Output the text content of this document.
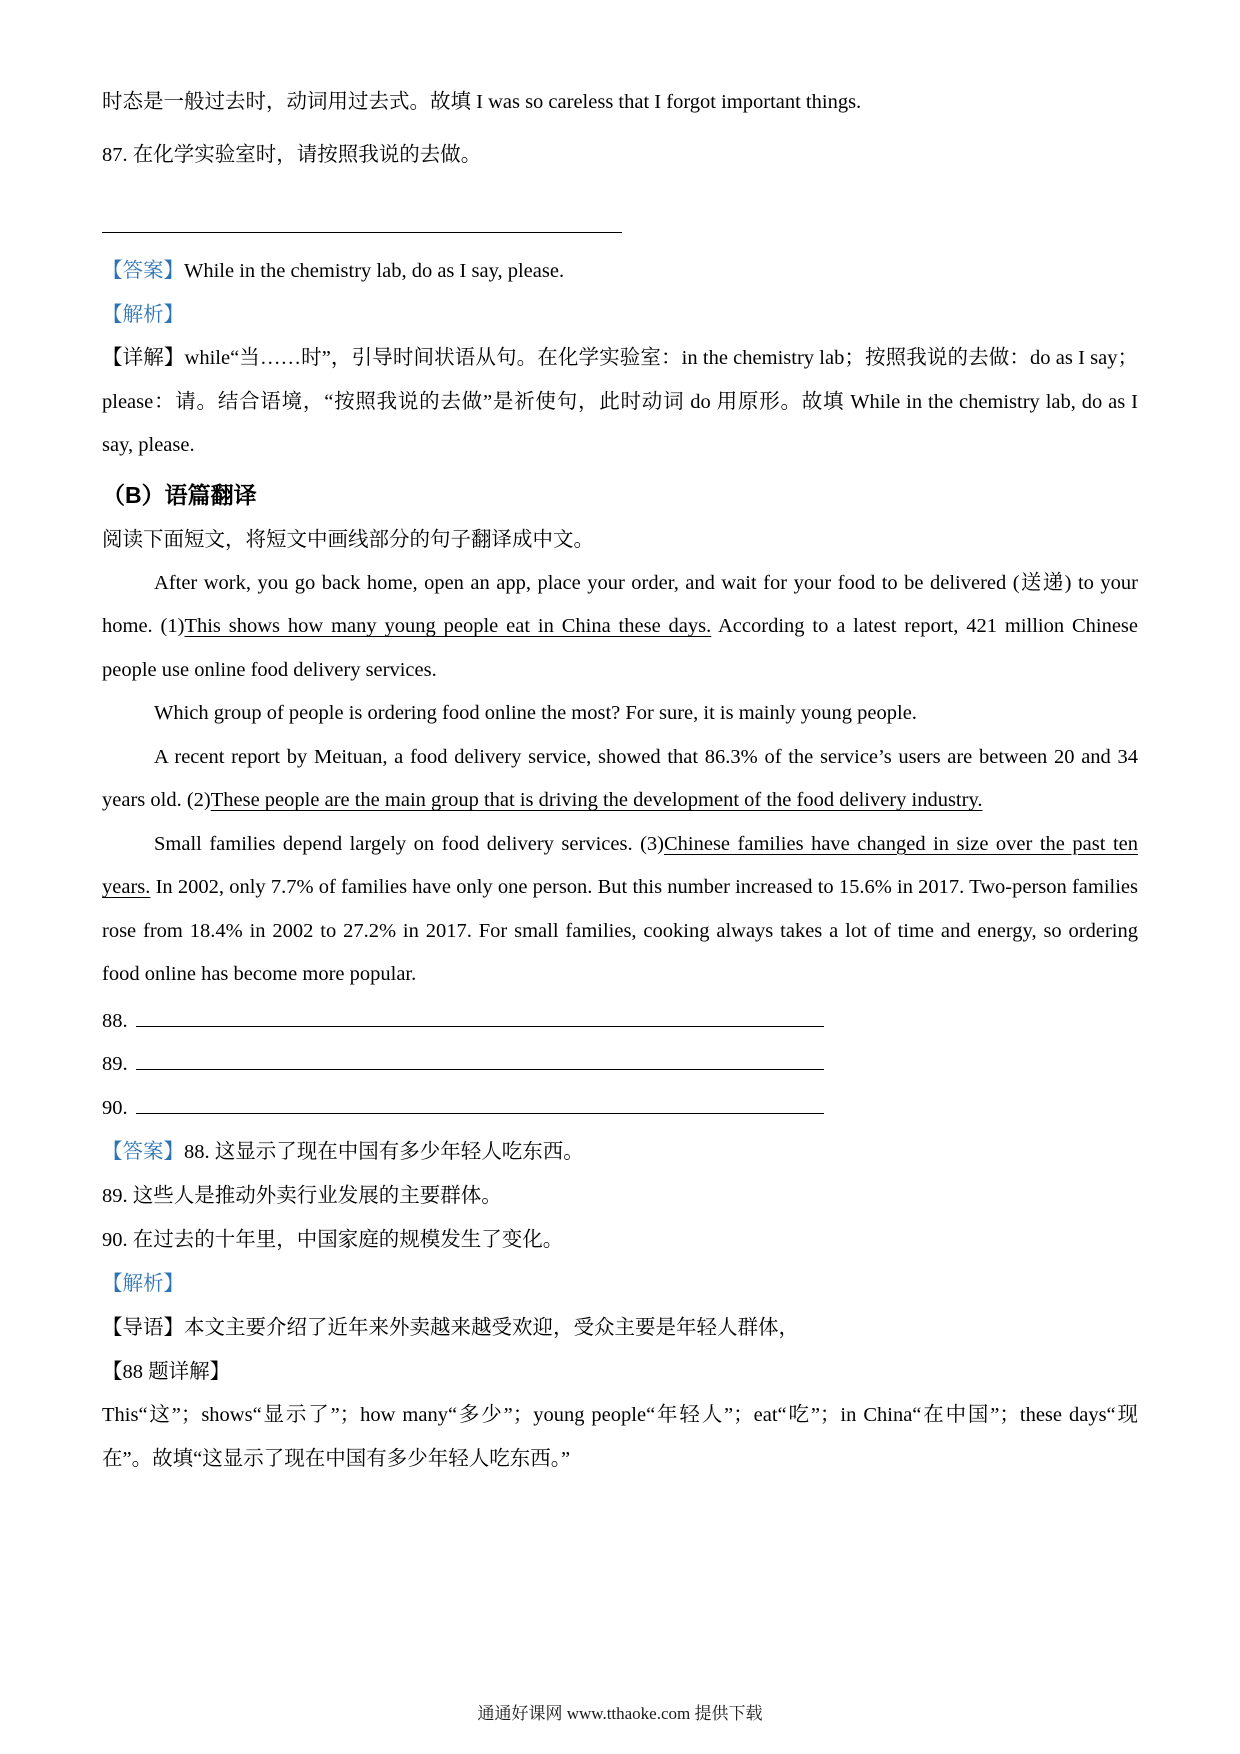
时态是一般过去时，动词用过去式。故填 I was so careless that I forgot important things.

87. 在化学实验室时，请按照我说的去做。

【答案】While in the chemistry lab, do as I say, please.

【解析】

【详解】while“当……时”，引导时间状语从句。在化学实验室：in the chemistry lab；按照我说的去做：do as I say；please：请。结合语境，“按照我说的去做”是祈使句，此时动词 do 用原形。故填 While in the chemistry lab, do as I say, please.

（B）语篇翻译

阅读下面短文，将短文中画线部分的句子翻译成中文。

After work, you go back home, open an app, place your order, and wait for your food to be delivered (送递) to your home. (1)This shows how many young people eat in China these days. According to a latest report, 421 million Chinese people use online food delivery services.

Which group of people is ordering food online the most? For sure, it is mainly young people.

A recent report by Meituan, a food delivery service, showed that 86.3% of the service’s users are between 20 and 34 years old. (2)These people are the main group that is driving the development of the food delivery industry.

Small families depend largely on food delivery services. (3)Chinese families have changed in size over the past ten years. In 2002, only 7.7% of families have only one person. But this number increased to 15.6% in 2017. Two-person families rose from 18.4% in 2002 to 27.2% in 2017. For small families, cooking always takes a lot of time and energy, so ordering food online has become more popular.

88.
89.
90.

【答案】88. 这显示了现在中国有多少年轻人吃东西。

89. 这些人是推动外卖行业发展的主要群体。

90. 在过去的十年里，中国家庭的规模发生了变化。

【解析】

【导语】本文主要介绍了近年来外卖越来越受欢迎，受众主要是年轻人群体，

【88 题详解】

This“这”；shows“显示了”；how many“多少”；young people“年轻人”；eat“吃”；in China“在中国”；these days“现在”。故填“这显示了现在中国有多少年轻人吃东西。”

通通好课网 www.tthaoke.com 提供下载
